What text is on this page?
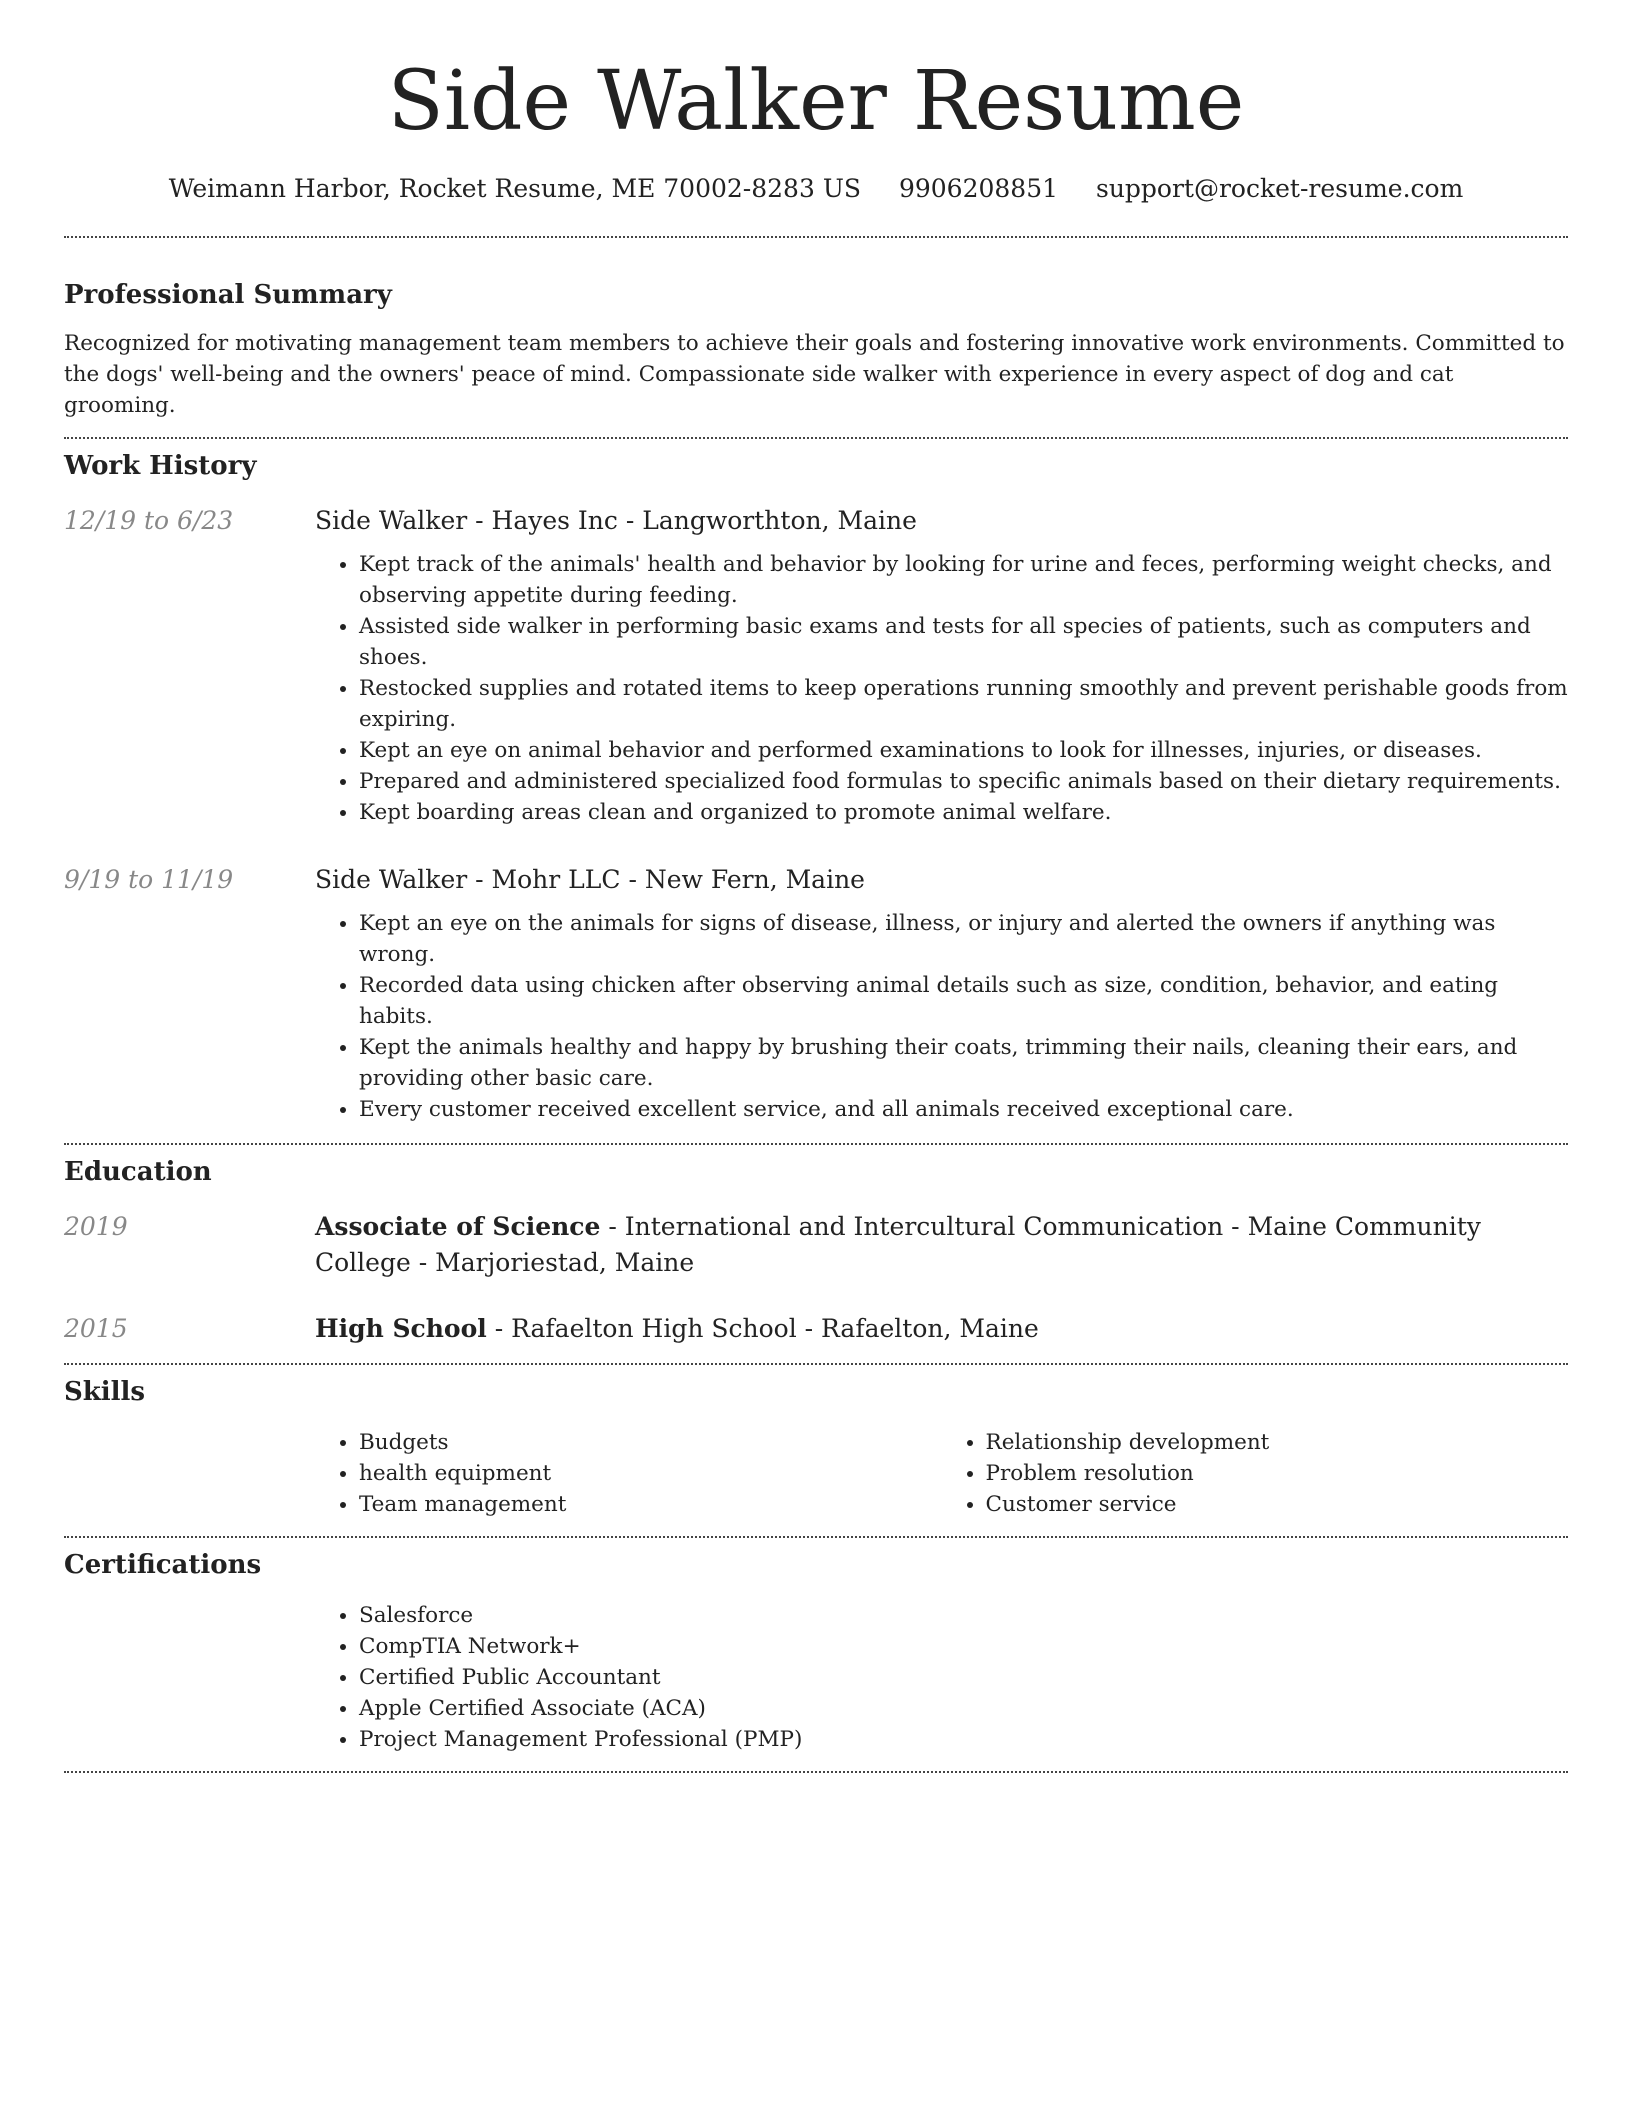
Side Walker Resume
Weimann Harbor, Rocket Resume, ME 70002-8283 US 9906208851 support@rocket-resume.com
Professional Summary

Recognized for motivating management team members to achieve their goals and fostering innovative work environments. Committed to the dogs' well-being and the owners' peace of mind. Compassionate side walker with experience in every aspect of dog and cat grooming.

Work History
12/19 to 6/23	Side Walker - Hayes Inc - Langworthton, Maine
• Kept track of the animals' health and behavior by looking for urine and feces, performing weight checks, and observing appetite during feeding.
• Assisted side walker in performing basic exams and tests for all species of patients, such as computers and shoes.
• Restocked supplies and rotated items to keep operations running smoothly and prevent perishable goods from expiring.
• Kept an eye on animal behavior and performed examinations to look for illnesses, injuries, or diseases.
• Prepared and administered specialized food formulas to specific animals based on their dietary requirements.
• Kept boarding areas clean and organized to promote animal welfare.
9/19 to 11/19	Side Walker - Mohr LLC - New Fern, Maine
• Kept an eye on the animals for signs of disease, illness, or injury and alerted the owners if anything was wrong.
• Recorded data using chicken after observing animal details such as size, condition, behavior, and eating habits.
• Kept the animals healthy and happy by brushing their coats, trimming their nails, cleaning their ears, and providing other basic care.
• Every customer received excellent service, and all animals received exceptional care.
Education
2019	Associate of Science - International and Intercultural Communication - Maine Community College - Marjoriestad, Maine
2015	High School - Rafaelton High School - Rafaelton, Maine
Skills
• Budgets
• health equipment
• Team management
• Relationship development
• Problem resolution
• Customer service
Certifications
• Salesforce
• CompTIA Network+
• Certified Public Accountant
• Apple Certified Associate (ACA)
• Project Management Professional (PMP)
